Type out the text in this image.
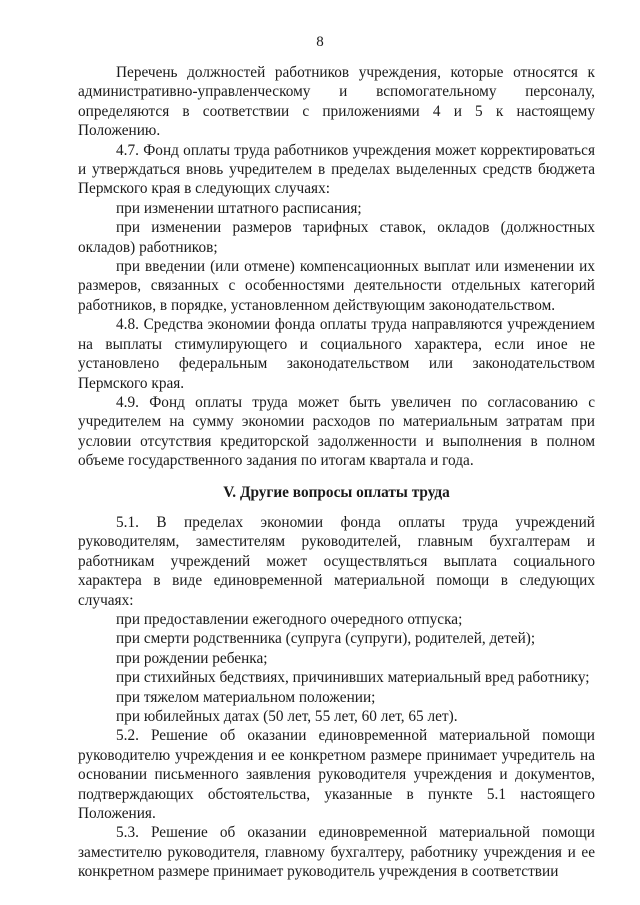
8

Перечень должностей работников учреждения, которые относятся к административно-управленческому и вспомогательному персоналу, определяются в соответствии с приложениями 4 и 5 к настоящему Положению.

4.7. Фонд оплаты труда работников учреждения может корректироваться и утверждаться вновь учредителем в пределах выделенных средств бюджета Пермского края в следующих случаях:

при изменении штатного расписания;

при изменении размеров тарифных ставок, окладов (должностных окладов) работников;

при введении (или отмене) компенсационных выплат или изменении их размеров, связанных с особенностями деятельности отдельных категорий работников, в порядке, установленном действующим законодательством.

4.8. Средства экономии фонда оплаты труда направляются учреждением на выплаты стимулирующего и социального характера, если иное не установлено федеральным законодательством или законодательством Пермского края.

4.9. Фонд оплаты труда может быть увеличен по согласованию с учредителем на сумму экономии расходов по материальным затратам при условии отсутствия кредиторской задолженности и выполнения в полном объеме государственного задания по итогам квартала и года.

V. Другие вопросы оплаты труда

5.1. В пределах экономии фонда оплаты труда учреждений руководителям, заместителям руководителей, главным бухгалтерам и работникам учреждений может осуществляться выплата социального характера в виде единовременной материальной помощи в следующих случаях:

при предоставлении ежегодного очередного отпуска;

при смерти родственника (супруга (супруги), родителей, детей);

при рождении ребенка;

при стихийных бедствиях, причинивших материальный вред работнику;

при тяжелом материальном положении;

при юбилейных датах (50 лет, 55 лет, 60 лет, 65 лет).

5.2. Решение об оказании единовременной материальной помощи руководителю учреждения и ее конкретном размере принимает учредитель на основании письменного заявления руководителя учреждения и документов, подтверждающих обстоятельства, указанные в пункте 5.1 настоящего Положения.

5.3. Решение об оказании единовременной материальной помощи заместителю руководителя, главному бухгалтеру, работнику учреждения и ее конкретном размере принимает руководитель учреждения в соответствии
